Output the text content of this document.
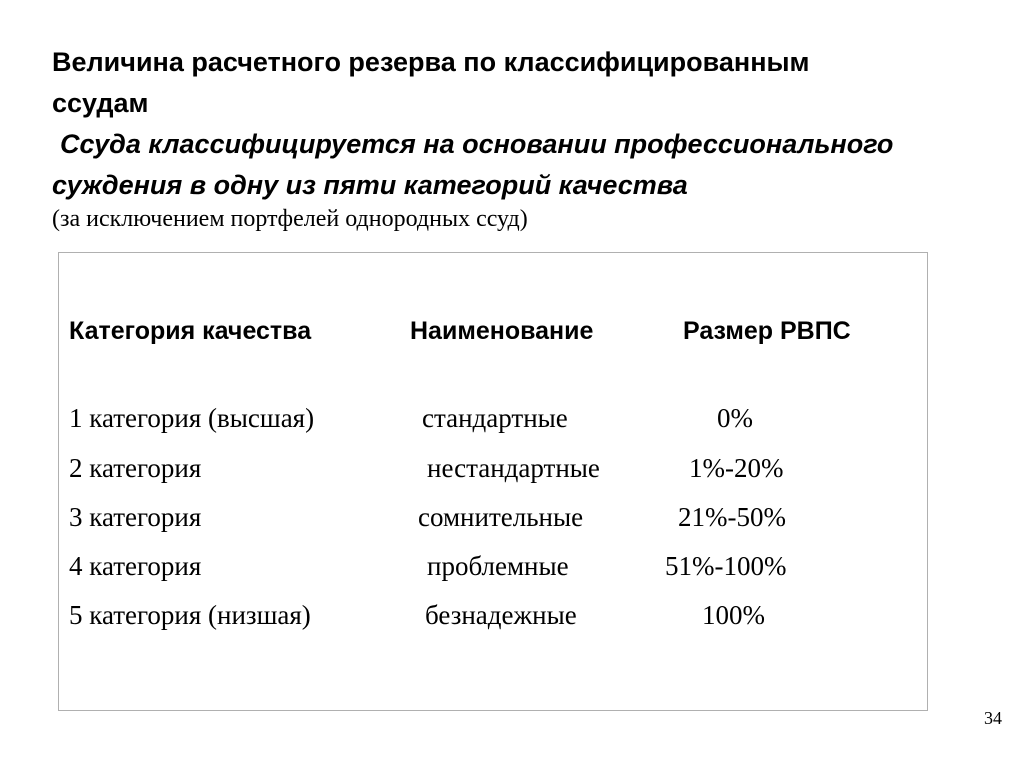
Величина расчетного резерва по классифицированным
ссудам
Ссуда классифицируется на основании профессионального
суждения в одну из пяти категорий качества
(за исключением портфелей однородных ссуд)
Категория качества	Наименование	Размер РВПС
1 категория (высшая)	стандартные	0%
2 категория	нестандартные	1%-20%
3 категория	сомнительные	21%-50%
4 категория	проблемные	51%-100%
5 категория (низшая)	безнадежные	100%
34
